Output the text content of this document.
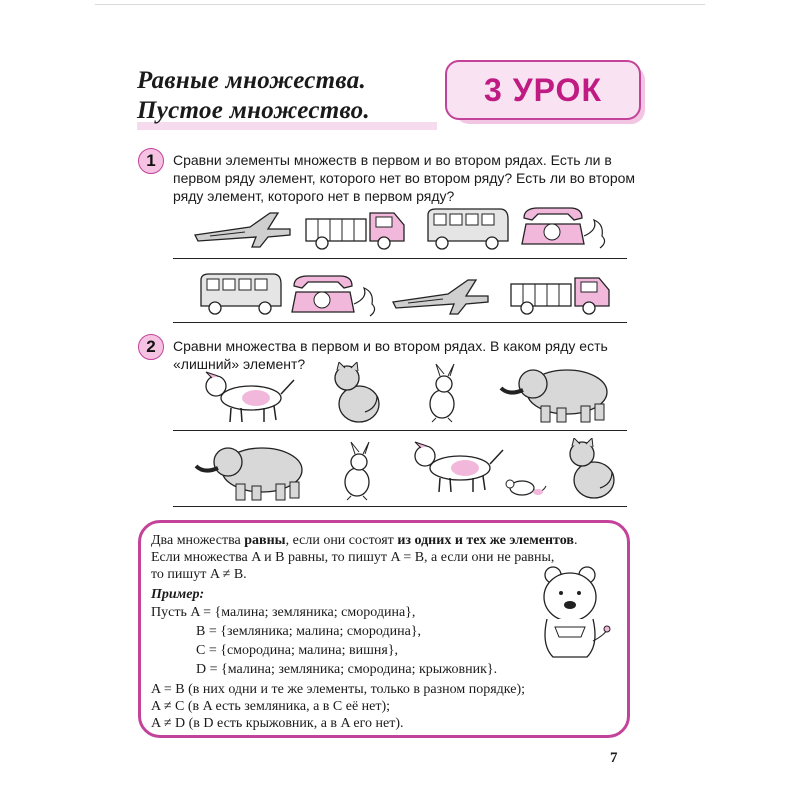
Равные множества.
Пустое множество.
3 УРОК
1	Сравни элементы множеств в первом и во втором рядах. Есть ли в
первом ряду элемент, которого нет во втором ряду? Есть ли во втором
ряду элемент, которого нет в первом ряду?
2	Сравни множества в первом и во втором рядах. В каком ряду есть
«лишний» элемент?
Два множества равны, если они состоят из одних и тех же элементов.
Если множества A и B равны, то пишут A = B, а если они не равны,
то пишут A ≠ B.
Пример:
Пусть A = {малина; земляника; смородина},
B = {земляника; малина; смородина},
C = {смородина; малина; вишня},
D = {малина; земляника; смородина; крыжовник}.
A = B (в них одни и те же элементы, только в разном порядке);
A ≠ C (в A есть земляника, а в C её нет);
A ≠ D (в D есть крыжовник, а в A его нет).
7
